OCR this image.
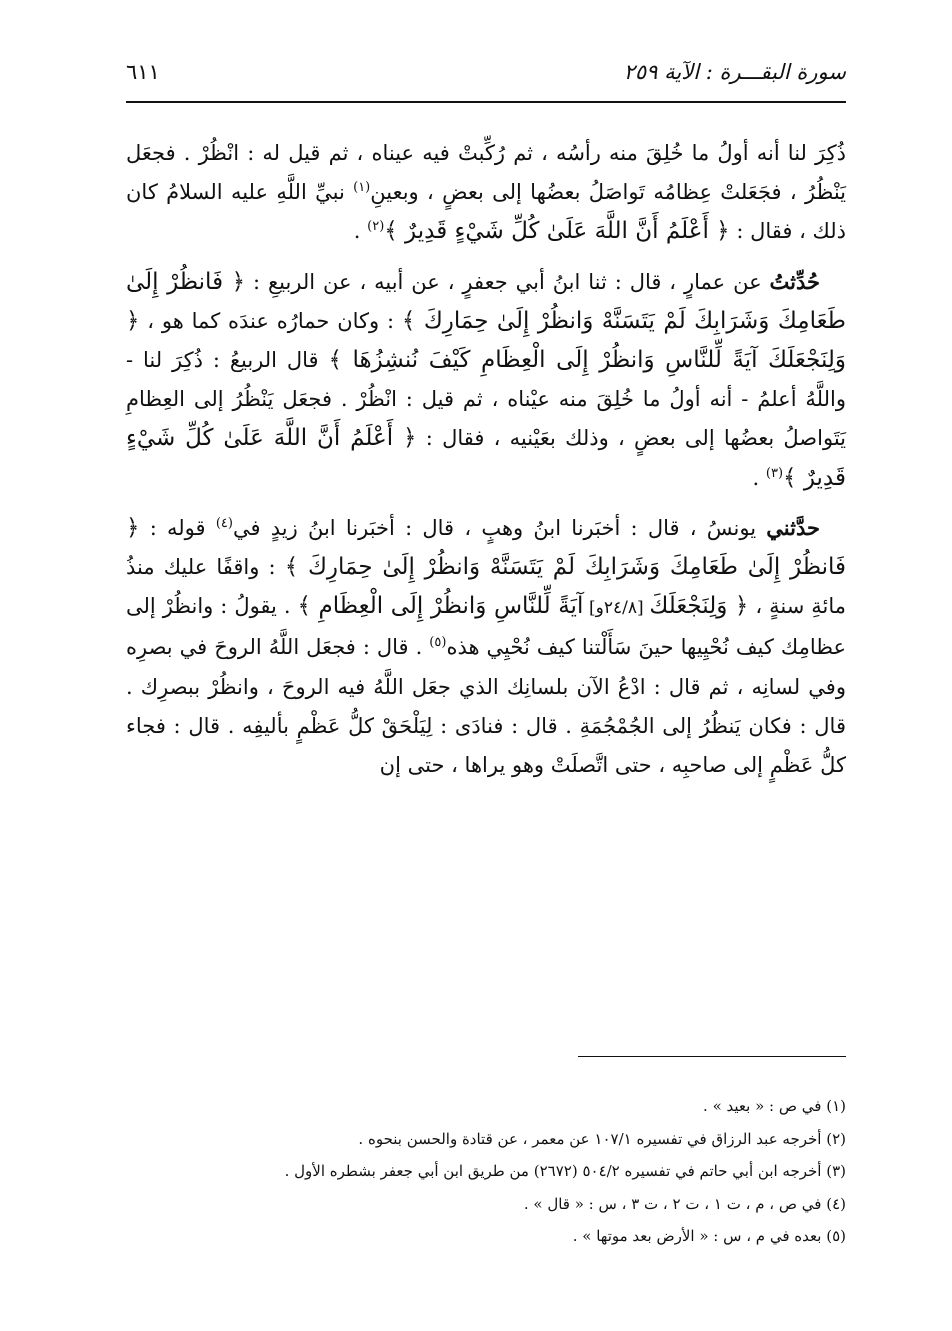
سورة البقـــرة : الآية ٢٥٩
٦١١

ذُكِرَ لنا أنه أولُ ما خُلِقَ منه رأسُه ، ثم رُكِّبتْ فيه عيناه ، ثم قيل له : انْظُرْ . فجعَل يَنْظُرُ ، فجَعَلتْ عِظامُه تَواصَلُ بعضُها إلى بعضٍ ، وبعينِ$^{(١)}$ نبيِّ اللَّهِ عليه السلامُ كان ذلك ، فقال : ﴿ أَعْلَمُ أَنَّ اللَّهَ عَلَىٰ كُلِّ شَيْءٍ قَدِيرٌ ﴾$^{(٢)}$ .

حُدِّثتُ عن عمارٍ ، قال : ثنا ابنُ أبي جعفرٍ ، عن أبيه ، عن الربيعِ : ﴿ فَانظُرْ إِلَىٰ طَعَامِكَ وَشَرَابِكَ لَمْ يَتَسَنَّهْ وَانظُرْ إِلَىٰ حِمَارِكَ ﴾ : وكان حمارُه عندَه كما هو ، ﴿ وَلِنَجْعَلَكَ آيَةً لِّلنَّاسِ وَانظُرْ إِلَى الْعِظَامِ كَيْفَ نُنشِزُهَا ﴾ قال الربيعُ : ذُكِرَ لنا - واللَّهُ أعلمُ - أنه أولُ ما خُلِقَ منه عيْناه ، ثم قيل : انْظُرْ . فجعَل يَنْظُرُ إلى العِظامِ يَتَواصلُ بعضُها إلى بعضٍ ، وذلك بعَيْنيه ، فقال : ﴿ أَعْلَمُ أَنَّ اللَّهَ عَلَىٰ كُلِّ شَيْءٍ قَدِيرٌ ﴾$^{(٣)}$ .

حدَّثني يونسُ ، قال : أخبَرنا ابنُ وهبٍ ، قال : أخبَرنا ابنُ زيدٍ في$^{(٤)}$ قوله : ﴿ فَانظُرْ إِلَىٰ طَعَامِكَ وَشَرَابِكَ لَمْ يَتَسَنَّهْ وَانظُرْ إِلَىٰ حِمَارِكَ ﴾ : واقفًا عليك منذُ مائةِ سنةٍ ، ﴿ وَلِنَجْعَلَكَ [٢٤/٨و] آيَةً لِّلنَّاسِ وَانظُرْ إِلَى الْعِظَامِ ﴾ . يقولُ : وانظُرْ إلى عظامِك كيف نُحْيِيها حينَ سَأَلْتنا كيف نُحْيِي هذه$^{(٥)}$ . قال : فجعَل اللَّهُ الروحَ في بصرِه وفي لسانِه ، ثم قال : ادْعُ الآن بلسانِك الذي جعَل اللَّهُ فيه الروحَ ، وانظُرْ ببصرِك . قال : فكان يَنظُرُ إلى الجُمْجُمَةِ . قال : فنادَى : لِيَلْحَقْ كلُّ عَظْمٍ بأليفِه . قال : فجاء كلُّ عَظْمٍ إلى صاحبِه ، حتى اتَّصلَتْ وهو يراها ، حتى إن

(١) في ص : « بعيد » .

(٢) أخرجه عبد الرزاق في تفسيره ١٠٧/١ عن معمر ، عن قتادة والحسن بنحوه .

(٣) أخرجه ابن أبي حاتم في تفسيره ٥٠٤/٢ (٢٦٧٢) من طريق ابن أبي جعفر بشطره الأول .

(٤) في ص ، م ، ت ١ ، ت ٢ ، ت ٣ ، س : « قال » .

(٥) بعده في م ، س : « الأرض بعد موتها » .
